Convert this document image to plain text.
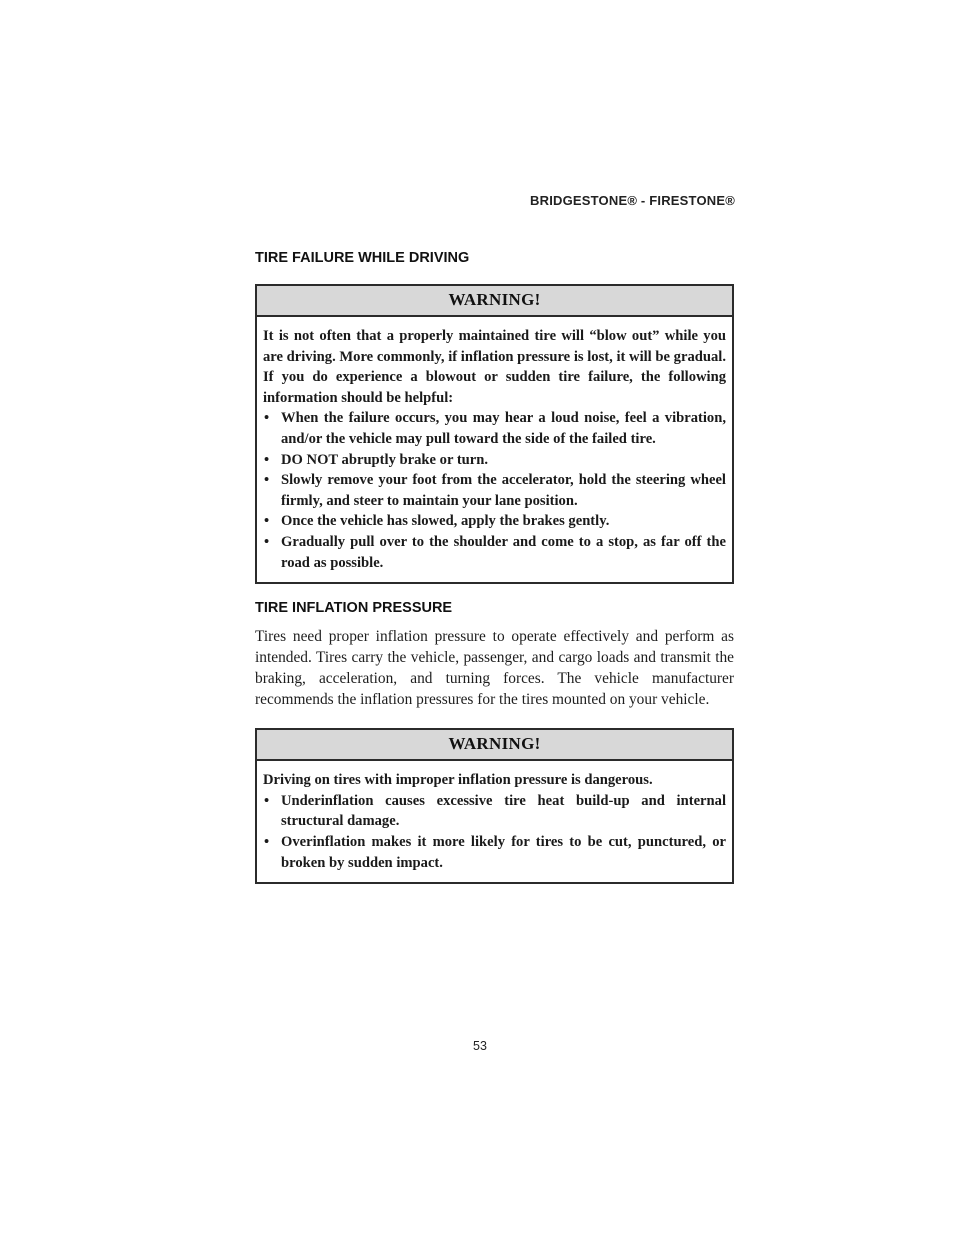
BRIDGESTONE® - FIRESTONE®
TIRE FAILURE WHILE DRIVING
WARNING!

It is not often that a properly maintained tire will “blow out” while you are driving. More commonly, if inflation pressure is lost, it will be gradual. If you do experience a blowout or sudden tire failure, the following information should be helpful:

• When the failure occurs, you may hear a loud noise, feel a vibration, and/or the vehicle may pull toward the side of the failed tire.
• DO NOT abruptly brake or turn.
• Slowly remove your foot from the accelerator, hold the steering wheel firmly, and steer to maintain your lane position.
• Once the vehicle has slowed, apply the brakes gently.
• Gradually pull over to the shoulder and come to a stop, as far off the road as possible.
TIRE INFLATION PRESSURE

Tires need proper inflation pressure to operate effectively and perform as intended. Tires carry the vehicle, passenger, and cargo loads and transmit the braking, acceleration, and turning forces. The vehicle manufacturer recommends the inflation pressures for the tires mounted on your vehicle.

WARNING!

Driving on tires with improper inflation pressure is dangerous.

• Underinflation causes excessive tire heat build-up and internal structural damage.
• Overinflation makes it more likely for tires to be cut, punctured, or broken by sudden impact.
53
